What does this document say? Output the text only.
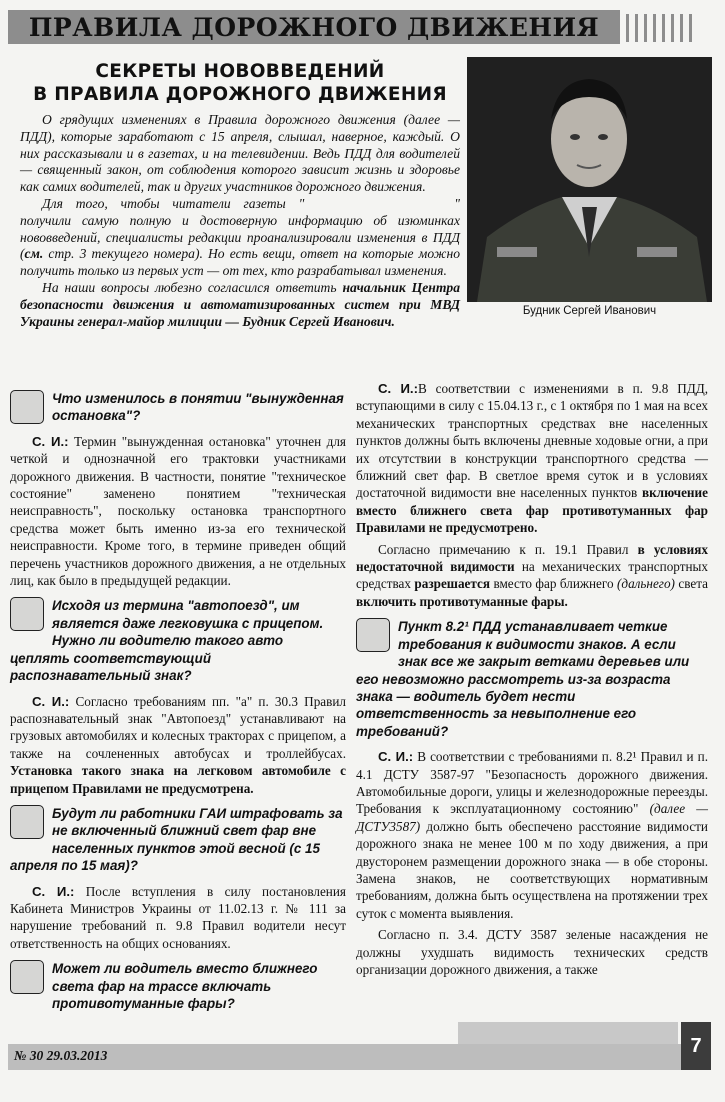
ПРАВИЛА ДОРОЖНОГО ДВИЖЕНИЯ
СЕКРЕТЫ НОВОВВЕДЕНИЙ
В ПРАВИЛА ДОРОЖНОГО ДВИЖЕНИЯ

О грядущих изменениях в Правила дорожного движения (далее — ПДД), которые заработают с 15 апреля, слышал, наверное, каждый. О них рассказывали и в газетах, и на телевидении. Ведь ПДД для водителей — священный закон, от соблюдения которого зависит жизнь и здоровье как самих водителей, так и других участников дорожного движения.

Для того, чтобы читатели газеты "	" получили самую полную и достоверную информацию об изюминках нововведений, специалисты редакции проанализировали изменения в ПДД (см. стр. 3 текущего номера). Но есть вещи, ответ на которые можно получить только из первых уст — от тех, кто разрабатывал изменения.

На наши вопросы любезно согласился ответить начальник Центра безопасности движения и автоматизированных систем при МВД Украины генерал-майор милиции — Будник Сергей Иванович.

Будник Сергей Иванович
Что изменилось в понятии "вынужденная остановка"?

С. И.: Термин "вынужденная остановка" уточнен для четкой и однозначной его трактовки участниками дорожного движения. В частности, понятие "техническое состояние" заменено понятием "техническая неисправность", поскольку остановка транспортного средства может быть именно из-за его технической неисправности. Кроме того, в термине приведен общий перечень участников дорожного движения, а не отдельных лиц, как было в предыдущей редакции.

Исходя из термина "автопоезд", им является даже легковушка с прицепом. Нужно ли водителю такого авто цеплять соответствующий распознавательный знак?

С. И.: Согласно требованиям пп. "а" п. 30.3 Правил распознавательный знак "Автопоезд" устанавливают на грузовых автомобилях и колесных тракторах с прицепом, а также на сочлененных автобусах и троллейбусах. Установка такого знака на легковом автомобиле с прицепом Правилами не предусмотрена.

Будут ли работники ГАИ штрафовать за не включенный ближний свет фар вне населенных пунктов этой весной (с 15 апреля по 15 мая)?

С. И.: После вступления в силу постановления Кабинета Министров Украины от 11.02.13 г. № 111 за нарушение требований п. 9.8 Правил водители несут ответственность на общих основаниях.

Может ли водитель вместо ближнего света фар на трассе включать противотуманные фары?

С. И.:В соответствии с изменениями в п. 9.8 ПДД, вступающими в силу с 15.04.13 г., с 1 октября по 1 мая на всех механических транспортных средствах вне населенных пунктов должны быть включены дневные ходовые огни, а при их отсутствии в конструкции транспортного средства — ближний свет фар. В светлое время суток и в условиях достаточной видимости вне населенных пунктов включение вместо ближнего света фар противотуманных фар Правилами не предусмотрено.

Согласно примечанию к п. 19.1 Правил в условиях недостаточной видимости на механических транспортных средствах разрешается вместо фар ближнего (дальнего) света включить противотуманные фары.

Пункт 8.2¹ ПДД устанавливает четкие требования к видимости знаков. А если знак все же закрыт ветками деревьев или его невозможно рассмотреть из-за возраста знака — водитель будет нести ответственность за невыполнение его требований?

С. И.: В соответствии с требованиями п. 8.2¹ Правил и п. 4.1 ДСТУ 3587-97 "Безопасность дорожного движения. Автомобильные дороги, улицы и железнодорожные переезды. Требования к эксплуатационному состоянию" (далее — ДСТУ3587) должно быть обеспечено расстояние видимости дорожного знака не менее 100 м по ходу движения, а при двусторонем размещении дорожного знака — в обе стороны. Замена знаков, не соответствующих нормативным требованиям, должна быть осуществлена на протяжении трех суток с момента выявления.

Согласно п. 3.4. ДСТУ 3587 зеленые насаждения не должны ухудшать видимость технических средств организации дорожного движения, а также

№ 30 29.03.2013	7
